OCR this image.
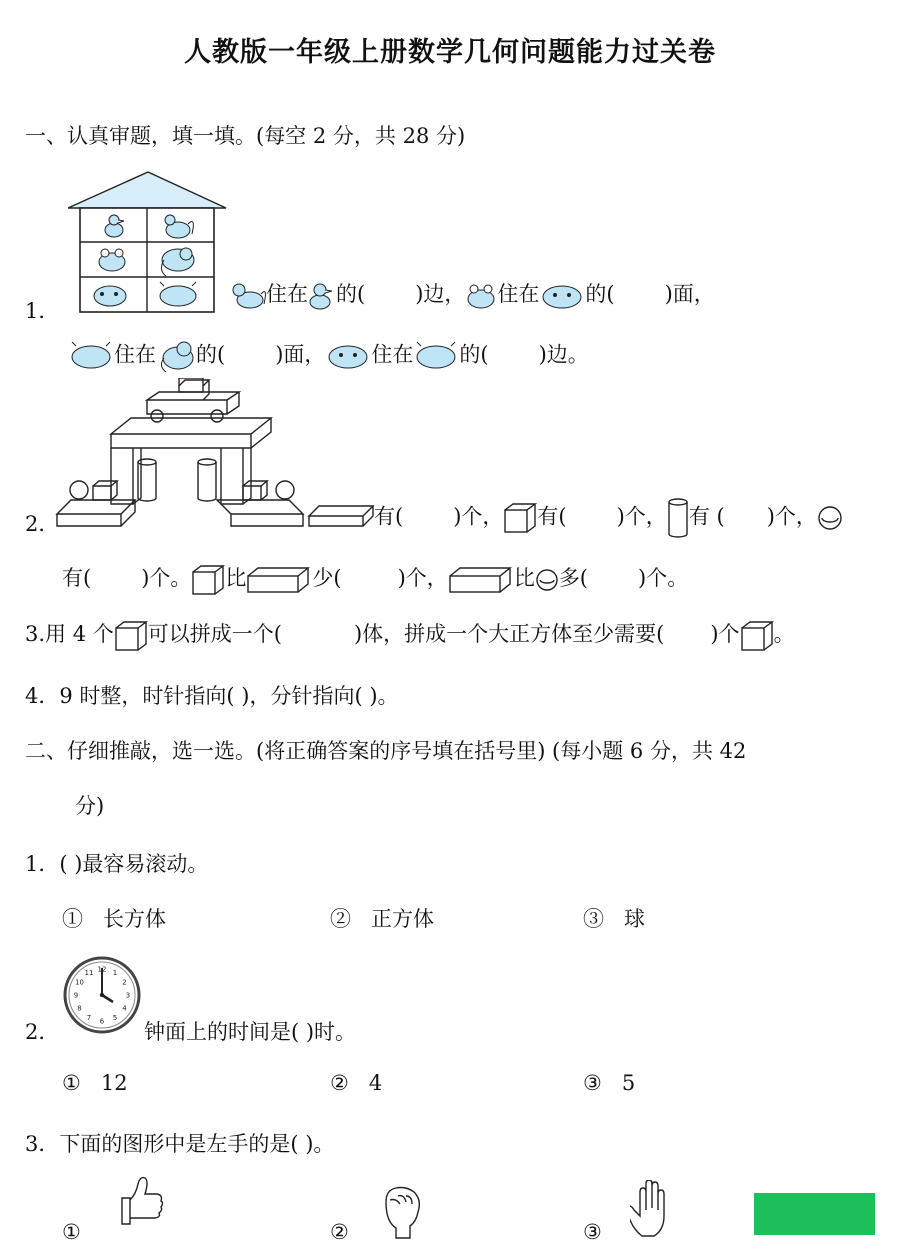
人教版一年级上册数学几何问题能力过关卷
一、认真审题，填一填。(每空 2 分，共 28 分)
1．
住在 的( )边， 住在 的( )面，
住在 的( )面， 住在 的( )边。
2．	有( )个， 有( )个， 有 ( )个，
有( )个。 比	少(	)个，	比 多( )个。
3.用 4 个 可以拼成一个(	)体，拼成一个大正方体至少需要( )个 。
4．9 时整，时针指向( )，分针指向( )。
二、仔细推敲，选一选。(将正确答案的序号填在括号里) (每小题 6 分，共 42
分)
1．( )最容易滚动。
① 长方体	② 正方体	③ 球
12 1
2
3
4
5
6
7
8
9
10
11
2．	钟面上的时间是( )时。
① 12	② 4	③ 5
3．下面的图形中是左手的是( )。
①	②	③
